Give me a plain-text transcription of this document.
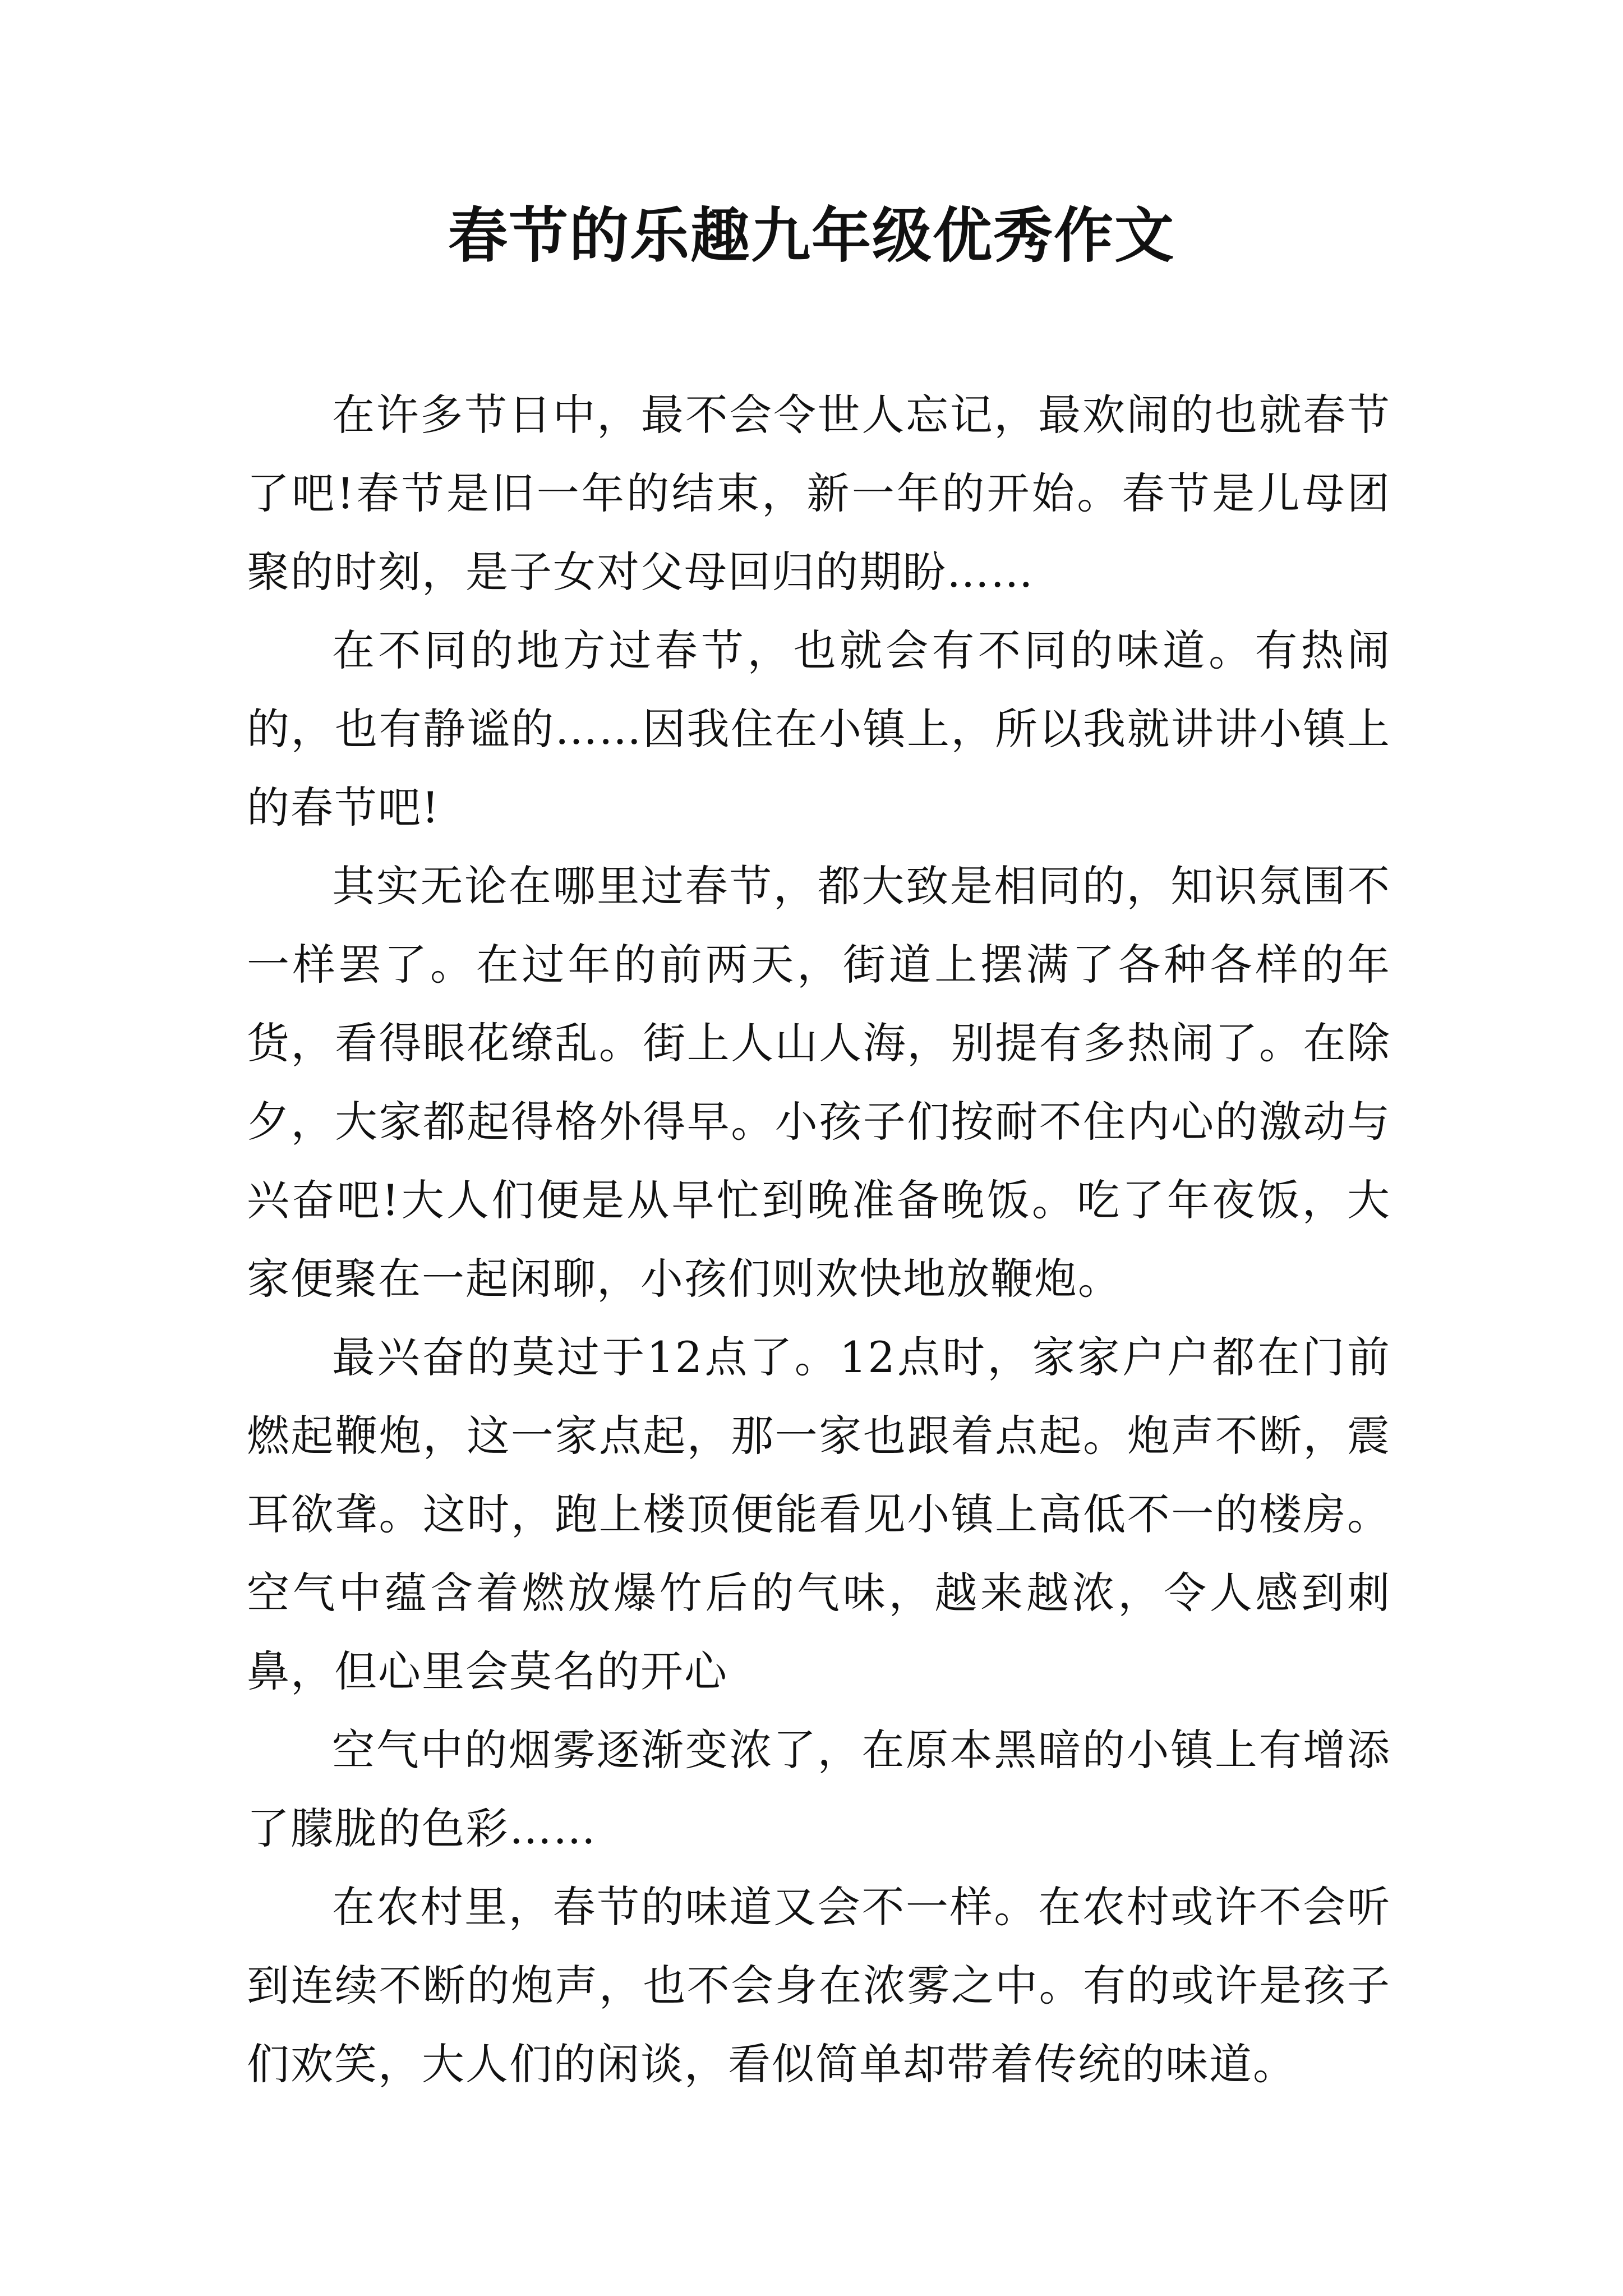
春节的乐趣九年级优秀作文

在许多节日中，最不会令世人忘记，最欢闹的也就春节了吧!春节是旧一年的结束，新一年的开始。春节是儿母团聚的时刻，是子女对父母回归的期盼……

在不同的地方过春节，也就会有不同的味道。有热闹的，也有静谧的……因我住在小镇上，所以我就讲讲小镇上的春节吧!

其实无论在哪里过春节，都大致是相同的，知识氛围不一样罢了。在过年的前两天，街道上摆满了各种各样的年货，看得眼花缭乱。街上人山人海，别提有多热闹了。在除夕，大家都起得格外得早。小孩子们按耐不住内心的激动与兴奋吧!大人们便是从早忙到晚准备晚饭。吃了年夜饭，大家便聚在一起闲聊，小孩们则欢快地放鞭炮。

最兴奋的莫过于12点了。12点时，家家户户都在门前燃起鞭炮，这一家点起，那一家也跟着点起。炮声不断，震耳欲聋。这时，跑上楼顶便能看见小镇上高低不一的楼房。空气中蕴含着燃放爆竹后的气味，越来越浓，令人感到刺鼻，但心里会莫名的开心

空气中的烟雾逐渐变浓了，在原本黑暗的小镇上有增添了朦胧的色彩……

在农村里，春节的味道又会不一样。在农村或许不会听到连续不断的炮声，也不会身在浓雾之中。有的或许是孩子们欢笑，大人们的闲谈，看似简单却带着传统的味道。
